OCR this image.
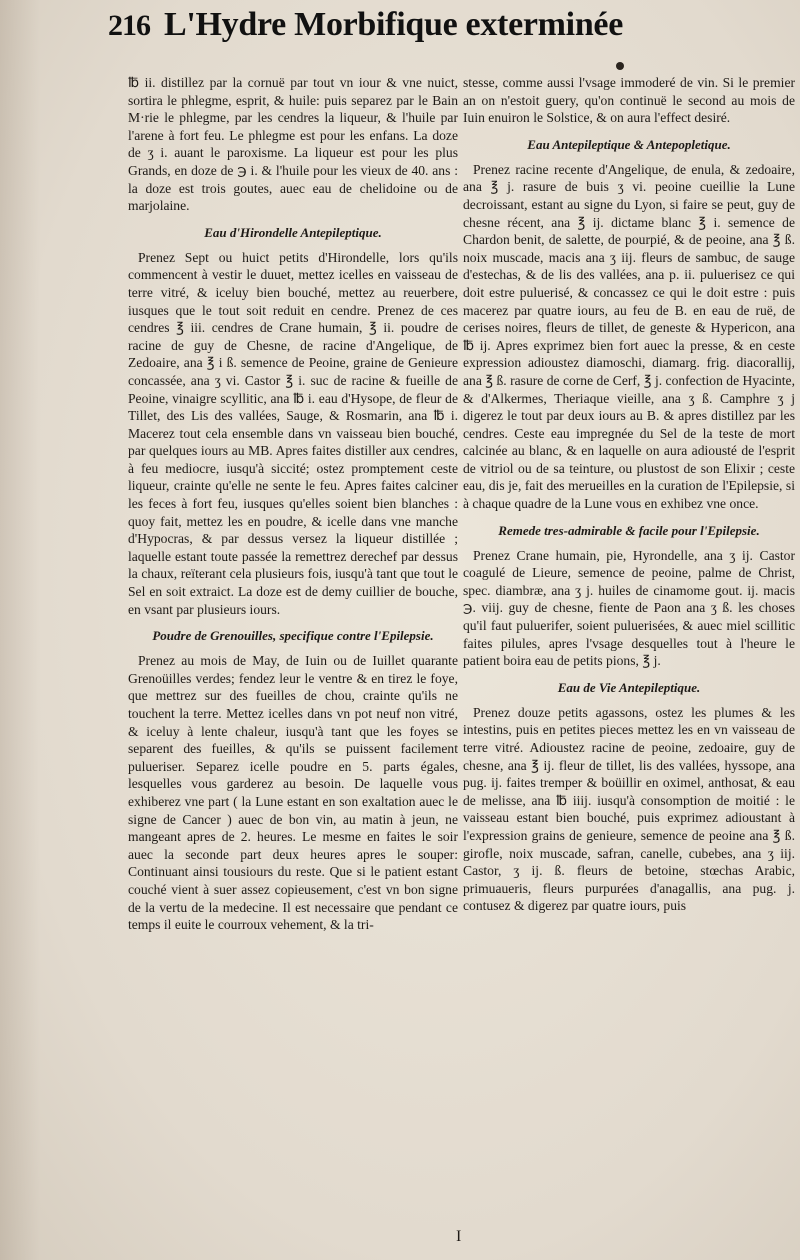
216 L'Hydre Morbifique exterminée

℔ ii. distillez par la cornuë par tout vn iour & vne nuict, sortira le phlegme, esprit, & huile: puis separez par le Bain M·rie le phlegme, par les cendres la liqueur, & l'huile par l'arene à fort feu. Le phlegme est pour les enfans. La doze de ʒ i. auant le paroxisme. La liqueur est pour les plus Grands, en doze de ℈ i. & l'huile pour les vieux de 40. ans : la doze est trois goutes, auec eau de chelidoine ou de marjolaine.

Eau d'Hirondelle Antepileptique.

Prenez Sept ou huict petits d'Hirondelle, lors qu'ils commencent à vestir le duuet, mettez icelles en vaisseau de terre vitré, & iceluy bien bouché, mettez au reuerbere, iusques que le tout soit reduit en cendre. Prenez de ces cendres ℥ iii. cendres de Crane humain, ℥ ii. poudre de racine de guy de Chesne, de racine d'Angelique, de Zedoaire, ana ℥ i ß. semence de Peoine, graine de Genieure concassée, ana ʒ vi. Castor ℥ i. suc de racine & fueille de Peoine, vinaigre scyllitic, ana ℔ i. eau d'Hysope, de fleur de Tillet, des Lis des vallées, Sauge, & Rosmarin, ana ℔ i. Macerez tout cela ensemble dans vn vaisseau bien bouché, par quelques iours au MB. Apres faites distiller aux cendres, à feu mediocre, iusqu'à siccité; ostez promptement ceste liqueur, crainte qu'elle ne sente le feu. Apres faites calciner les feces à fort feu, iusques qu'elles soient bien blanches : quoy fait, mettez les en poudre, & icelle dans vne manche d'Hypocras, & par dessus versez la liqueur distillée ; laquelle estant toute passée la remettrez derechef par dessus la chaux, reïterant cela plusieurs fois, iusqu'à tant que tout le Sel en soit extraict. La doze est de demy cuillier de bouche, en vsant par plusieurs iours.

Poudre de Grenouilles, specifique contre l'Epilepsie.

Prenez au mois de May, de Iuin ou de Iuillet quarante Grenoüilles verdes; fendez leur le ventre & en tirez le foye, que mettrez sur des fueilles de chou, crainte qu'ils ne touchent la terre. Mettez icelles dans vn pot neuf non vitré, & iceluy à lente chaleur, iusqu'à tant que les foyes se separent des fueilles, & qu'ils se puissent facilement pulueriser. Separez icelle poudre en 5. parts égales, lesquelles vous garderez au besoin. De laquelle vous exhiberez vne part ( la Lune estant en son exaltation auec le signe de Cancer ) auec de bon vin, au matin à jeun, ne mangeant apres de 2. heures. Le mesme en faites le soir auec la seconde part deux heures apres le souper: Continuant ainsi tousiours du reste. Que si le patient estant couché vient à suer assez copieusement, c'est vn bon signe de la vertu de la medecine. Il est necessaire que pendant ce temps il euite le courroux vehement, & la tri-

stesse, comme aussi l'vsage immoderé de vin. Si le premier an on n'estoit guery, qu'on continuë le second au mois de Iuin enuiron le Solstice, & on aura l'effect desiré.

Eau Antepileptique & Antepopletique.

Prenez racine recente d'Angelique, de enula, & zedoaire, ana ℥ j. rasure de buis ʒ vi. peoine cueillie la Lune decroissant, estant au signe du Lyon, si faire se peut, guy de chesne récent, ana ℥ ij. dictame blanc ℥ i. semence de Chardon benit, de salette, de pourpié, & de peoine, ana ℥ ß. noix muscade, macis ana ʒ iij. fleurs de sambuc, de sauge d'estechas, & de lis des vallées, ana p. ii. puluerisez ce qui doit estre puluerisé, & concassez ce qui le doit estre : puis macerez par quatre iours, au feu de B. en eau de ruë, de cerises noires, fleurs de tillet, de geneste & Hypericon, ana ℔ ij. Apres exprimez bien fort auec la presse, & en ceste expression adioustez diamoschi, diamarg. frig. diacorallij, ana ℥ ß. rasure de corne de Cerf, ℥ j. confection de Hyacinte, & d'Alkermes, Theriaque vieille, ana ʒ ß. Camphre ʒ j digerez le tout par deux iours au B. & apres distillez par les cendres. Ceste eau impregnée du Sel de la teste de mort calcinée au blanc, & en laquelle on aura adiousté de l'esprit de vitriol ou de sa teinture, ou plustost de son Elixir ; ceste eau, dis je, fait des merueilles en la curation de l'Epilepsie, si à chaque quadre de la Lune vous en exhibez vne once.

Remede tres-admirable & facile pour l'Epilepsie.

Prenez Crane humain, pie, Hyrondelle, ana ʒ ij. Castor coagulé de Lieure, semence de peoine, palme de Christ, spec. diambræ, ana ʒ j. huiles de cinamome gout. ij. macis ℈. viij. guy de chesne, fiente de Paon ana ʒ ß. les choses qu'il faut puluerifer, soient puluerisées, & auec miel scillitic faites pilules, apres l'vsage desquelles tout à l'heure le patient boira eau de petits pions, ℥ j.

Eau de Vie Antepileptique.

Prenez douze petits agassons, ostez les plumes & les intestins, puis en petites pieces mettez les en vn vaisseau de terre vitré. Adioustez racine de peoine, zedoaire, guy de chesne, ana ℥ ij. fleur de tillet, lis des vallées, hyssope, ana pug. ij. faites tremper & boüillir en oximel, anthosat, & eau de melisse, ana ℔ iiij. iusqu'à consomption de moitié : le vaisseau estant bien bouché, puis exprimez adioustant à l'expression grains de genieure, semence de peoine ana ℥ ß. girofle, noix muscade, safran, canelle, cubebes, ana ʒ iij. Castor, ʒ ij. ß. fleurs de betoine, stœchas Arabic, primuaueris, fleurs purpurées d'anagallis, ana pug. j. contusez & digerez par quatre iours, puis

I
